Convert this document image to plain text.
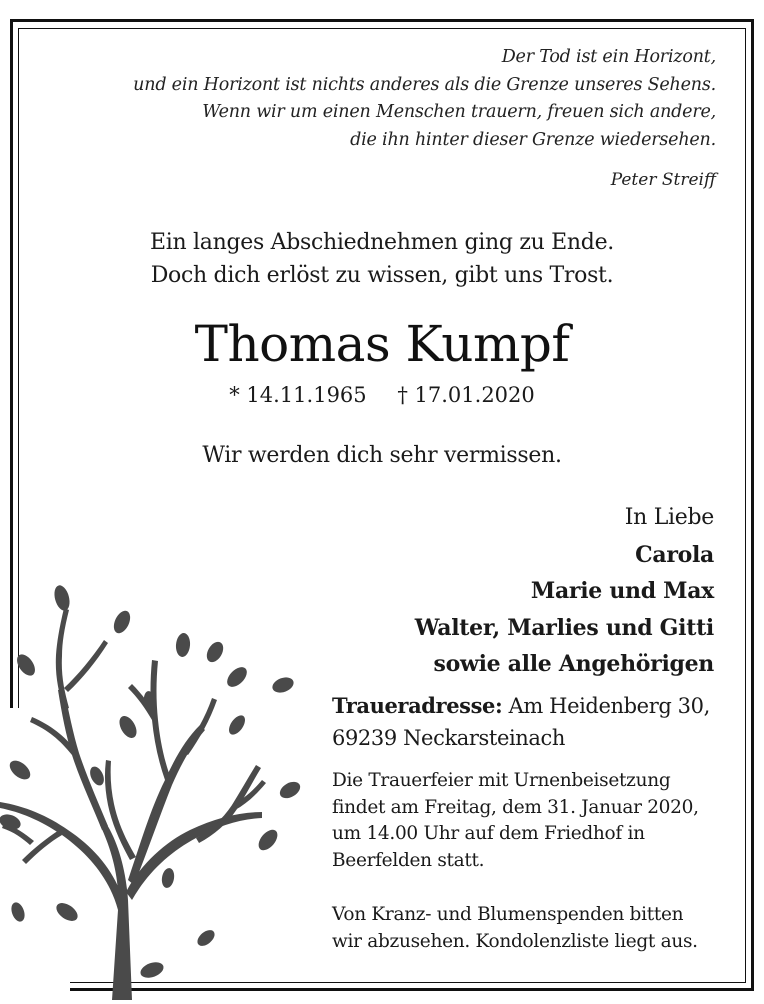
Der Tod ist ein Horizont,
und ein Horizont ist nichts anderes als die Grenze unseres Sehens.
Wenn wir um einen Menschen trauern, freuen sich andere,
die ihn hinter dieser Grenze wiedersehen.
Peter Streiff
Ein langes Abschiednehmen ging zu Ende.
Doch dich erlöst zu wissen, gibt uns Trost.
Thomas Kumpf
* 14.11.1965 † 17.01.2020
Wir werden dich sehr vermissen.
In Liebe
Carola
Marie und Max
Walter, Marlies und Gitti
sowie alle Angehörigen
Traueradresse: Am Heidenberg 30,
69239 Neckarsteinach
Die Trauerfeier mit Urnenbeisetzung
findet am Freitag, dem 31. Januar 2020,
um 14.00 Uhr auf dem Friedhof in
Beerfelden statt.
Von Kranz- und Blumenspenden bitten
wir abzusehen. Kondolenzliste liegt aus.
